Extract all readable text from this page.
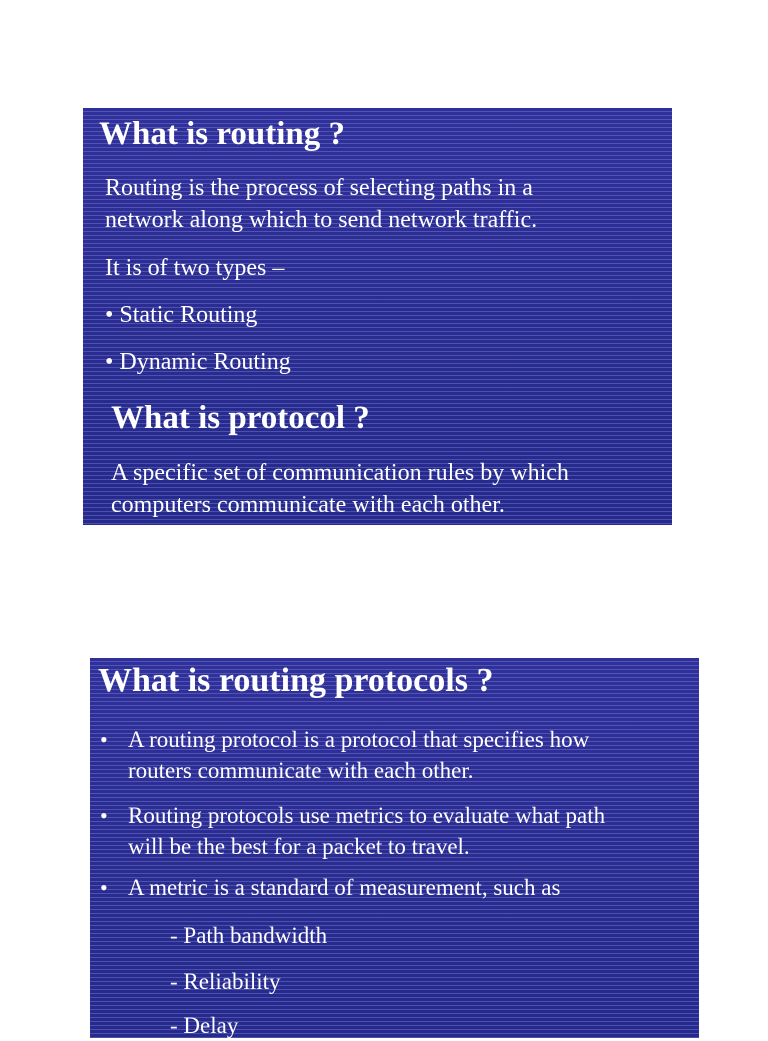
What is routing ?
Routing is the process of selecting paths in a
network along which to send network traffic.
It is of two types –
• Static Routing
• Dynamic Routing
What is protocol ?
A specific set of communication rules by which
computers communicate with each other.
What is routing protocols ?
• A routing protocol is a protocol that specifies how
routers communicate with each other.
• Routing protocols use metrics to evaluate what path
will be the best for a packet to travel.
• A metric is a standard of measurement, such as
- Path bandwidth
- Reliability
- Delay
